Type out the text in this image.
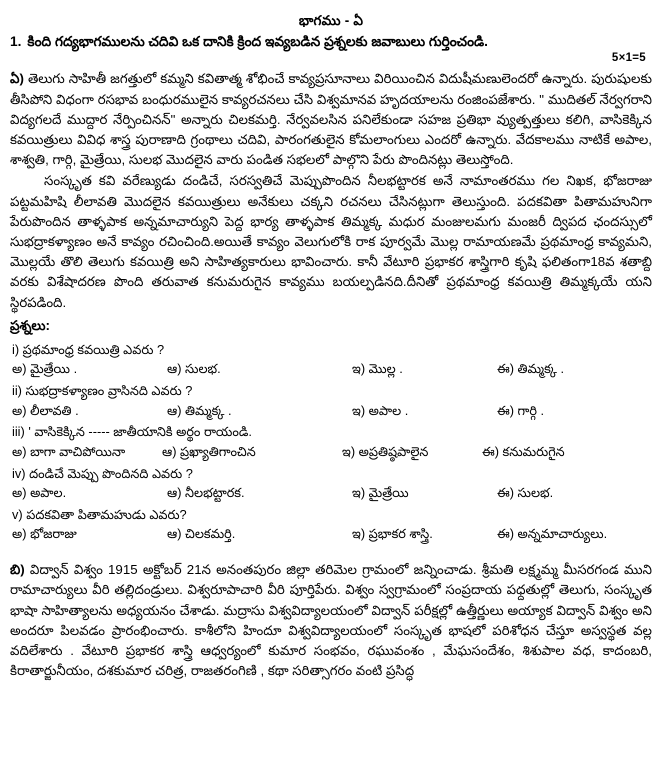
భాగము - ఏ
1. కింది గద్యభాగములను చదివి ఒక దానికి క్రింద ఇవ్యబడిన ప్రశ్నలకు జవాబులు గుర్తించండి.
5×1=5

ఏ) తెలుగు సాహితీ జగత్తులో కమ్మని కవితాత్మ శోభించే కావ్యప్రసూనాలు విరియించిన విదుషీమణులెందరో ఉన్నారు. పురుషులకు తీసిపోని విధంగా రసభావ బంధురములైన కావ్యరచనలు చేసి విశ్వమానవ హృదయాలను రంజింపజేశారు. " ముదితల్ నేర్వగరాని విద్యగలదే ముద్దార నేర్పించినన్" అన్నారు చిలకమర్తి. నేర్వవలసిన పనిలేకుండా సహజ ప్రతిభా వ్యుత్పత్తులు కలిగి, వాసికెక్కిన కవయిత్రులు వివిధ శాస్త్ర పురాణాది గ్రంథాలు చదివి, పారంగతులైన కోమలాంగులు ఎందరో ఉన్నారు. వేదకాలము నాటికే అపాల, శాశ్వతి, గార్గి, మైత్రేయి, సులభ మొదలైన వారు పండిత సభలలో పాల్గొని పేరు పొందినట్లు తెలుస్తోంది.

సంస్కృత కవి వరేణ్యుడు దండిచే, సరస్వతిచే మెప్పుపొందిన నీలభట్టారక అనే నామాంతరము గల నిఖక, భోజరాజు పట్టమహిషి లీలావతి మొదలైన కవయిత్రులు అనేకులు చక్కని రచనలు చేసినట్లుగా తెలుస్తుంది. పదకవితా పితామహునిగా పేరుపొందిన తాళ్ళపాక అన్నమాచార్యుని పెద్ద భార్య తాళ్ళపాక తిమ్మక్క మధుర మంజులమగు మంజరీ ద్విపద ఛందస్సులో సుభద్రాకళ్యాణం అనే కావ్యం రచించింది.అయితే కావ్యం వెలుగులోకి రాక పూర్వమే మొల్ల రామాయణమే ప్రథమాంధ్ర కావ్యమని, మొల్లయే తొలి తెలుగు కవయిత్రి అని సాహిత్యకారులు భావించారు. కానీ వేటూరి ప్రభాకర శాస్త్రిగారి కృషి ఫలితంగా18వ శతాబ్ది వరకు విశేషాదరణ పొంది తరువాత కనుమరుగైన కావ్యము బయల్పడినది.దీనితో ప్రథమాంధ్ర కవయిత్రి తిమ్మక్కయే యని స్థిరపడింది.

ప్రశ్నలు:
i) ప్రథమాంధ్ర కవయిత్రి ఎవరు ?
అ) మైత్రేయి .	ఆ) సులభ.	ఇ) మొల్ల .	ఈ) తిమ్మక్క .
ii) సుభద్రాకళ్యాణం వ్రాసినది ఎవరు ?
అ) లీలావతి .	ఆ) తిమ్మక్క .	ఇ) అపాల .	ఈ) గార్గి .
iii) ' వాసికెక్కిన ----- జాతీయానికి అర్థం రాయండి.
అ) బాగా వాచిపోయినా	ఆ) ప్రఖ్యాతిగాంచిన	ఇ) అప్రతిష్ఠపాలైన	ఈ) కనుమరుగైన
iv) దండిచే మెప్పు పొందినది ఎవరు ?
అ) అపాల.	ఆ) నీలభట్టారక.	ఇ) మైత్రేయి	ఈ) సులభ.
v) పదకవితా పితామహుడు ఎవరు?
అ) భోజరాజు	ఆ) చిలకమర్తి.	ఇ) ప్రభాకర శాస్త్రి.	ఈ) అన్నమాచార్యులు.

బి) విద్వాన్ విశ్వం 1915 అక్టోబర్ 21న అనంతపురం జిల్లా తరిమెల గ్రామంలో జన్నించాడు. శ్రీమతి లక్ష్మమ్మ మీసరగండ ముని రామాచార్యులు వీరి తల్లిదండ్రులు. విశ్వరూపాచారి వీరి పూర్తిపేరు. విశ్వం స్వగ్రామంలో సంప్రదాయ పధ్దతుల్లో తెలుగు, సంస్కృత భాషా సాహిత్యాలను అధ్యయనం చేశాడు. మద్రాసు విశ్వవిద్యాలయంలో విద్వాన్ పరీక్షల్లో ఉత్తీర్ణులు అయ్యాక విద్వాన్ విశ్వం అని అందరూ పిలవడం ప్రారంభించారు. కాశీలోని హిందూ విశ్వవిద్యాలయంలో సంస్కృత భాషలో పరిశోధన చేస్తూ అస్వస్థత వల్ల వదిలేశారు . వేటూరి ప్రభాకర శాస్త్రి ఆధ్వర్యంలో కుమార సంభవం, రఘువంశం , మేఘసందేశం, శిశుపాల వధ, కాదంబరి, కిరాతార్జునీయం, దశకుమార చరిత్ర, రాజతరంగిణి , కథా సరిత్సాగరం వంటి ప్రసిద్ధ
